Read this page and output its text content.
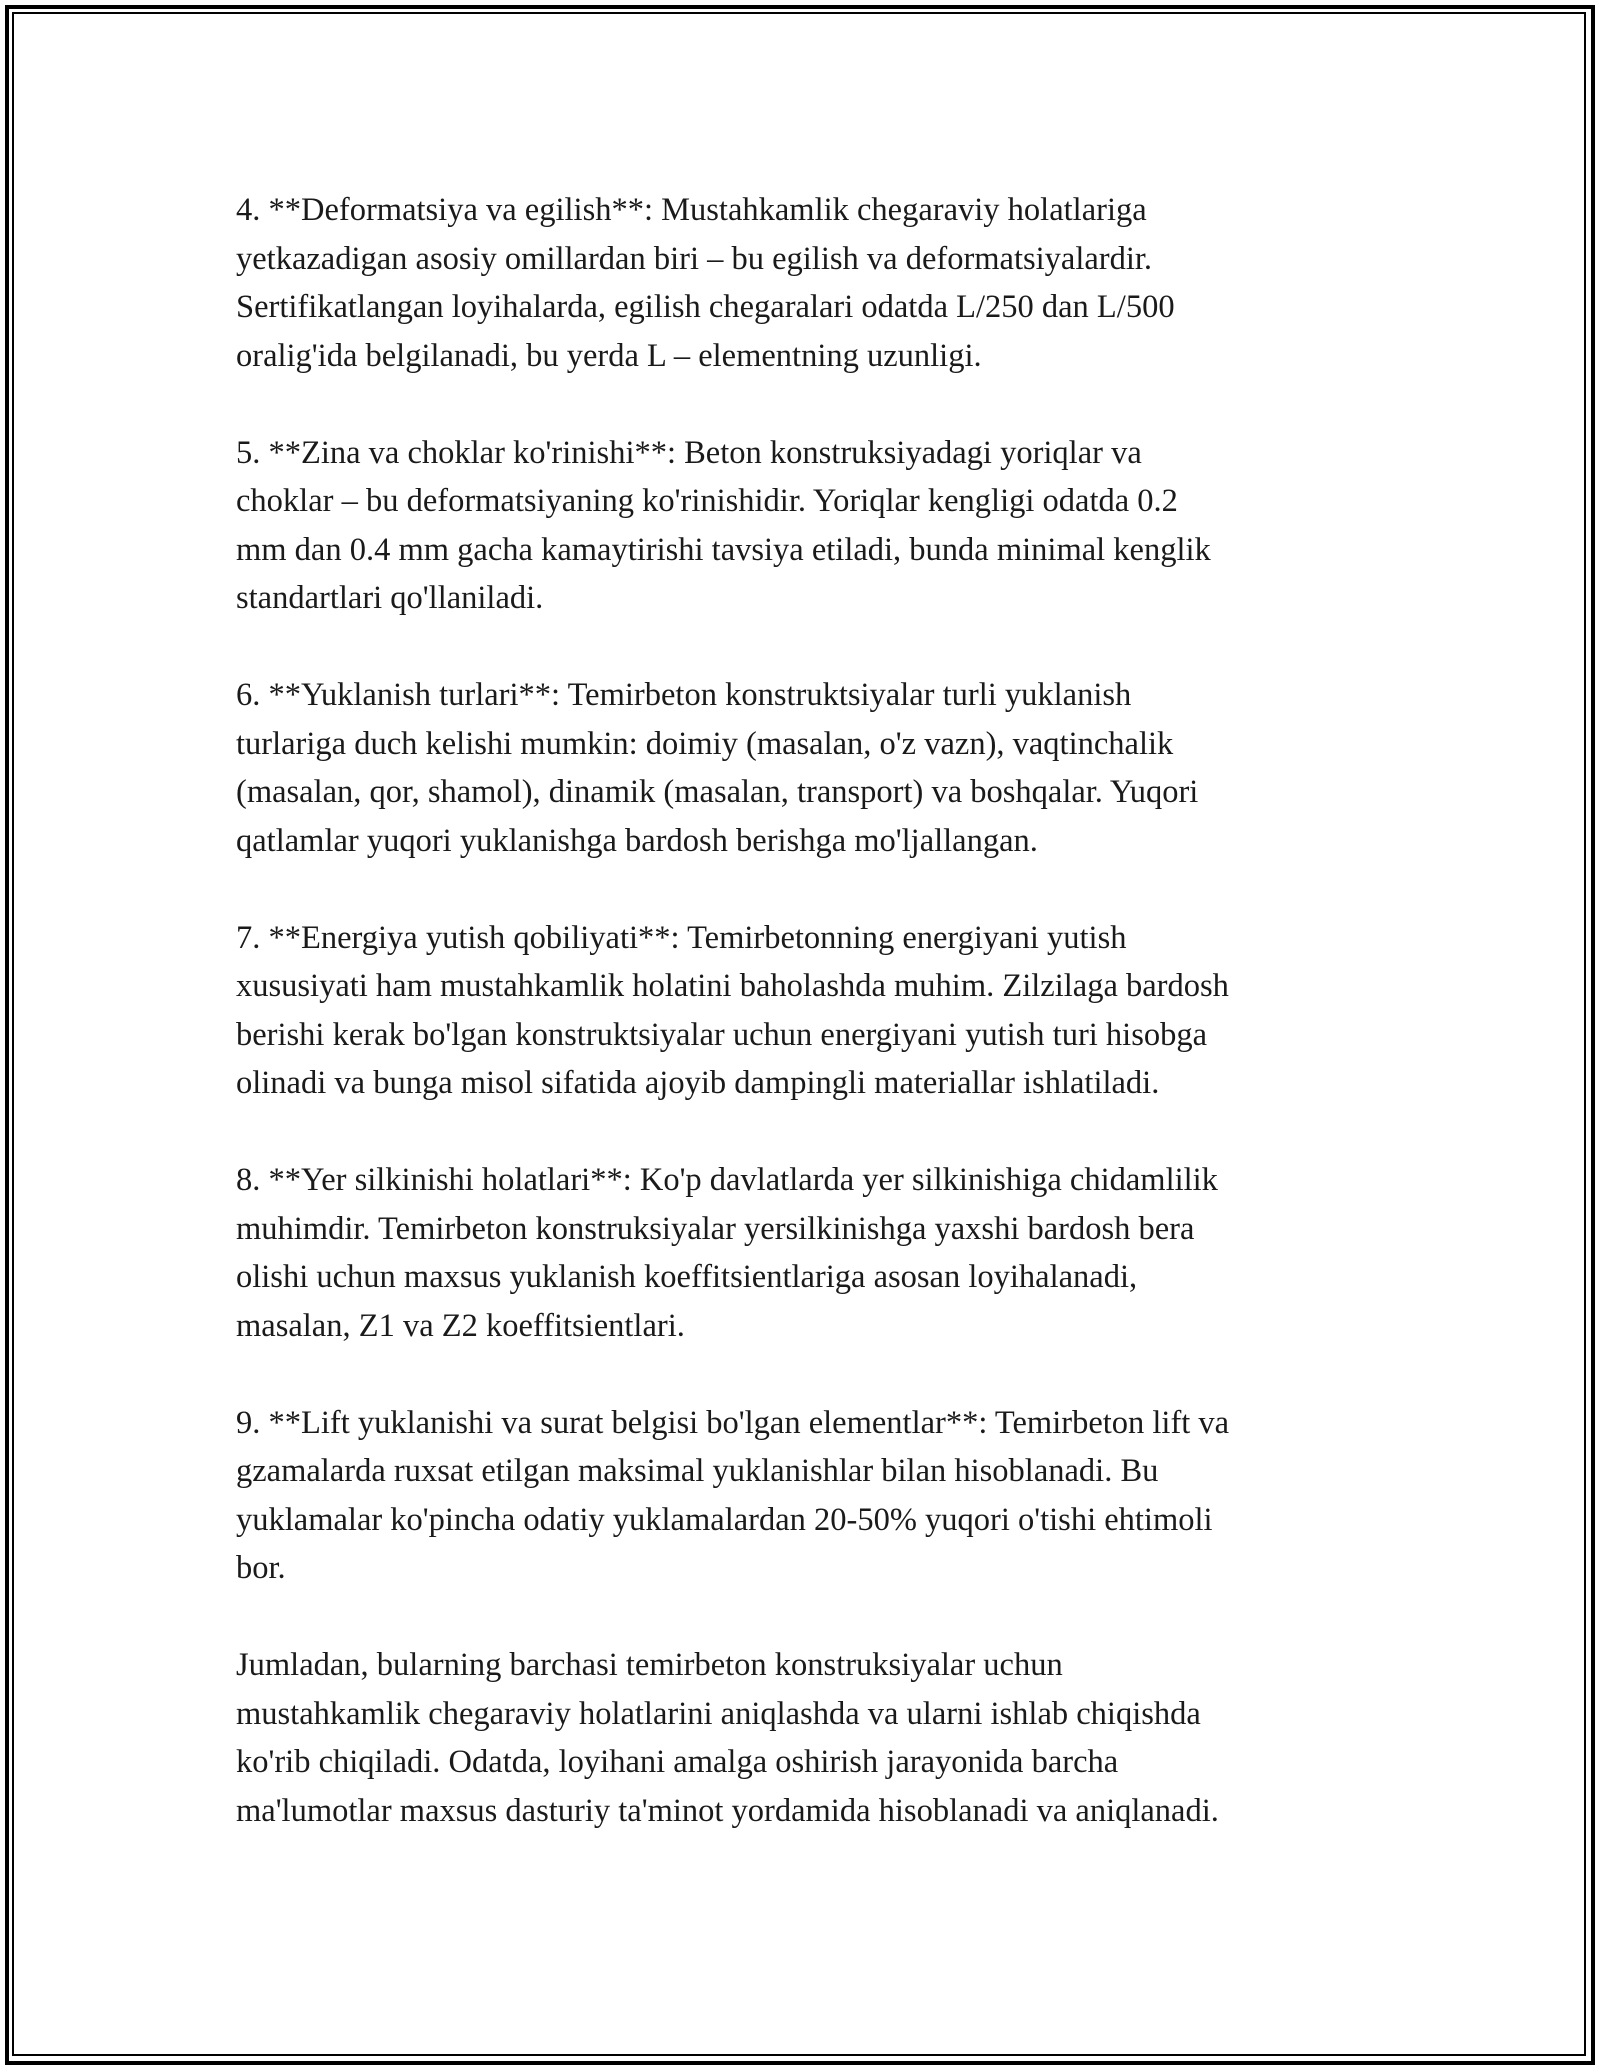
4. **Deformatsiya va egilish**: Mustahkamlik chegaraviy holatlariga
yetkazadigan asosiy omillardan biri – bu egilish va deformatsiyalardir.
Sertifikatlangan loyihalarda, egilish chegaralari odatda L/250 dan L/500
oralig'ida belgilanadi, bu yerda L – elementning uzunligi.

5. **Zina va choklar ko'rinishi**: Beton konstruksiyadagi yoriqlar va
choklar – bu deformatsiyaning ko'rinishidir. Yoriqlar kengligi odatda 0.2
mm dan 0.4 mm gacha kamaytirishi tavsiya etiladi, bunda minimal kenglik
standartlari qo'llaniladi.

6. **Yuklanish turlari**: Temirbeton konstruktsiyalar turli yuklanish
turlariga duch kelishi mumkin: doimiy (masalan, o'z vazn), vaqtinchalik
(masalan, qor, shamol), dinamik (masalan, transport) va boshqalar. Yuqori
qatlamlar yuqori yuklanishga bardosh berishga mo'ljallangan.

7. **Energiya yutish qobiliyati**: Temirbetonning energiyani yutish
xususiyati ham mustahkamlik holatini baholashda muhim. Zilzilaga bardosh
berishi kerak bo'lgan konstruktsiyalar uchun energiyani yutish turi hisobga
olinadi va bunga misol sifatida ajoyib dampingli materiallar ishlatiladi.

8. **Yer silkinishi holatlari**: Ko'p davlatlarda yer silkinishiga chidamlilik
muhimdir. Temirbeton konstruksiyalar yersilkinishga yaxshi bardosh bera
olishi uchun maxsus yuklanish koeffitsientlariga asosan loyihalanadi,
masalan, Z1 va Z2 koeffitsientlari.

9. **Lift yuklanishi va surat belgisi bo'lgan elementlar**: Temirbeton lift va
gzamalarda ruxsat etilgan maksimal yuklanishlar bilan hisoblanadi. Bu
yuklamalar ko'pincha odatiy yuklamalardan 20-50% yuqori o'tishi ehtimoli
bor.

Jumladan, bularning barchasi temirbeton konstruksiyalar uchun
mustahkamlik chegaraviy holatlarini aniqlashda va ularni ishlab chiqishda
ko'rib chiqiladi. Odatda, loyihani amalga oshirish jarayonida barcha
ma'lumotlar maxsus dasturiy ta'minot yordamida hisoblanadi va aniqlanadi.
